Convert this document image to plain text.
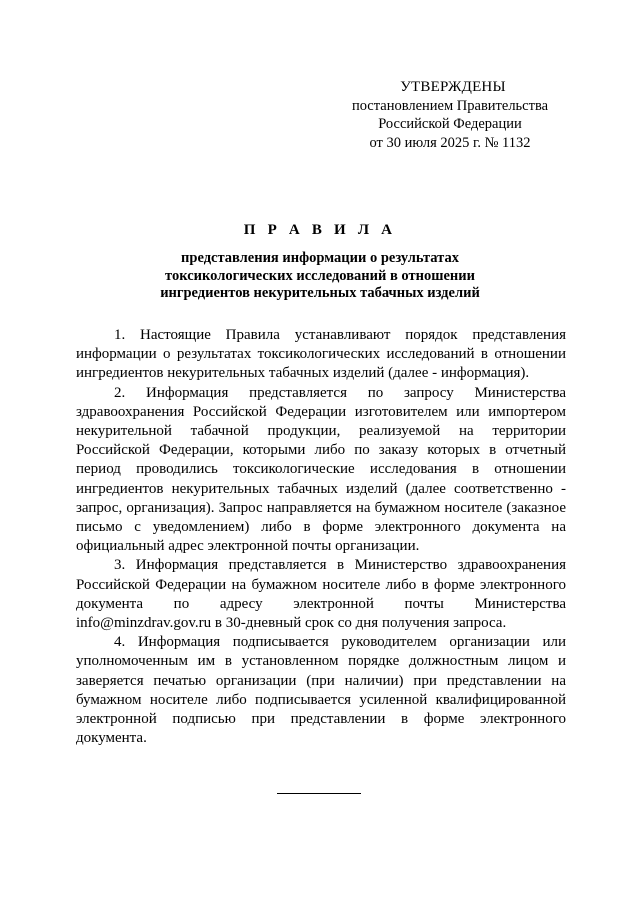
УТВЕРЖДЕНЫ
постановлением Правительства
Российской Федерации
от 30 июля 2025 г. № 1132
П Р А В И Л А
представления информации о результатах
токсикологических исследований в отношении
ингредиентов некурительных табачных изделий

1. Настоящие Правила устанавливают порядок представления информации о результатах токсикологических исследований в отношении ингредиентов некурительных табачных изделий (далее - информация).

2. Информация представляется по запросу Министерства здравоохранения Российской Федерации изготовителем или импортером некурительной табачной продукции, реализуемой на территории Российской Федерации, которыми либо по заказу которых в отчетный период проводились токсикологические исследования в отношении ингредиентов некурительных табачных изделий (далее соответственно - запрос, организация). Запрос направляется на бумажном носителе (заказное письмо с уведомлением) либо в форме электронного документа на официальный адрес электронной почты организации.

3. Информация представляется в Министерство здравоохранения Российской Федерации на бумажном носителе либо в форме электронного документа по адресу электронной почты Министерства info@minzdrav.gov.ru в 30-дневный срок со дня получения запроса.

4. Информация подписывается руководителем организации или уполномоченным им в установленном порядке должностным лицом и заверяется печатью организации (при наличии) при представлении на бумажном носителе либо подписывается усиленной квалифицированной электронной подписью при представлении в форме электронного документа.
